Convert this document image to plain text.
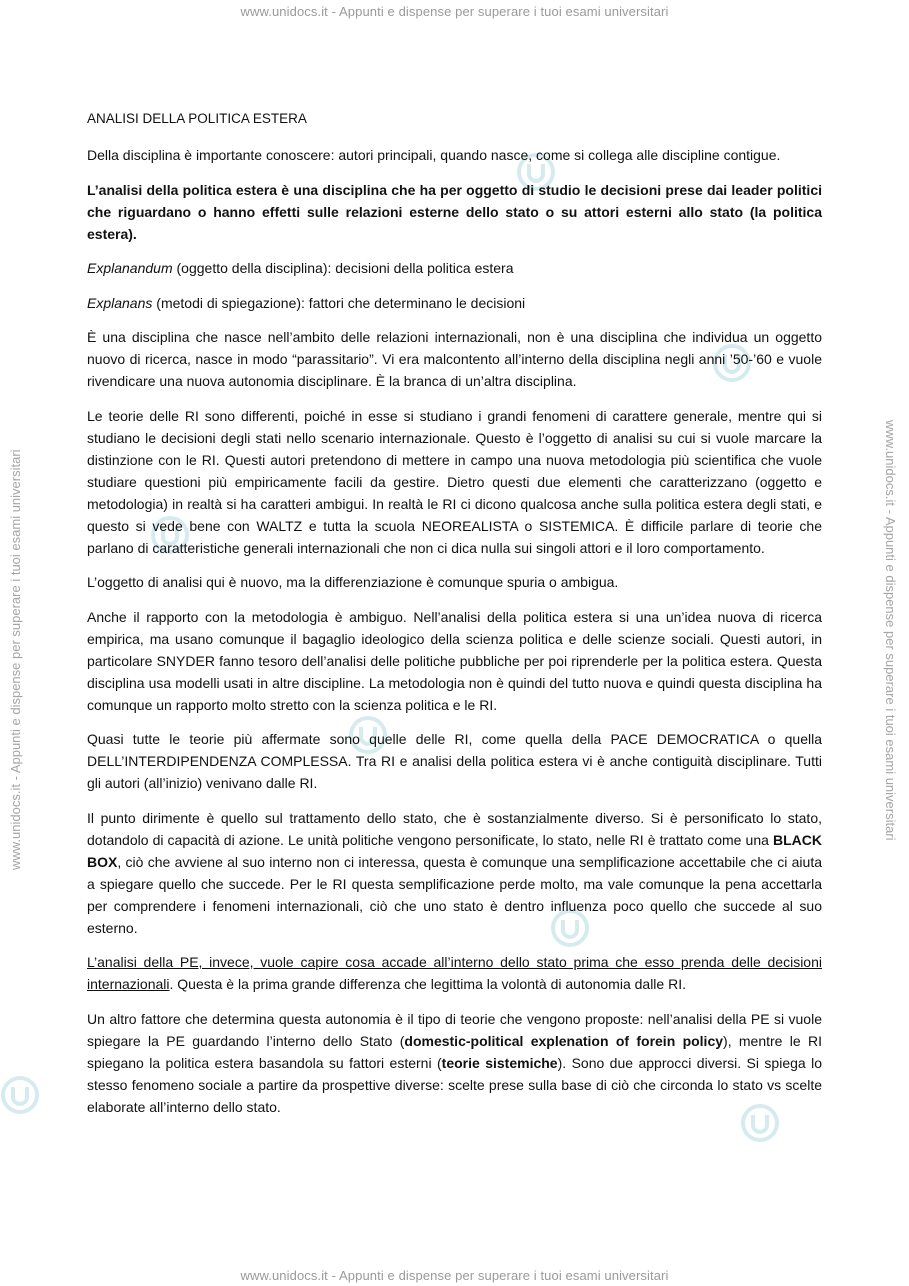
www.unidocs.it - Appunti e dispense per superare i tuoi esami universitari
www.unidocs.it - Appunti e dispense per superare i tuoi esami universitari
www.unidocs.it - Appunti e dispense per superare i tuoi esami universitari	www.unidocs.it - Appunti e dispense per superare i tuoi esami universitari

ANALISI DELLA POLITICA ESTERA

Della disciplina è importante conoscere: autori principali, quando nasce, come si collega alle discipline contigue.

L’analisi della politica estera è una disciplina che ha per oggetto di studio le decisioni prese dai leader politici che riguardano o hanno effetti sulle relazioni esterne dello stato o su attori esterni allo stato (la politica estera).

Explanandum (oggetto della disciplina): decisioni della politica estera

Explanans (metodi di spiegazione): fattori che determinano le decisioni

È una disciplina che nasce nell’ambito delle relazioni internazionali, non è una disciplina che individua un oggetto nuovo di ricerca, nasce in modo “parassitario”. Vi era malcontento all’interno della disciplina negli anni ’50-’60 e vuole rivendicare una nuova autonomia disciplinare. È la branca di un’altra disciplina.

Le teorie delle RI sono differenti, poiché in esse si studiano i grandi fenomeni di carattere generale, mentre qui si studiano le decisioni degli stati nello scenario internazionale. Questo è l’oggetto di analisi su cui si vuole marcare la distinzione con le RI. Questi autori pretendono di mettere in campo una nuova metodologia più scientifica che vuole studiare questioni più empiricamente facili da gestire. Dietro questi due elementi che caratterizzano (oggetto e metodologia) in realtà si ha caratteri ambigui. In realtà le RI ci dicono qualcosa anche sulla politica estera degli stati, e questo si vede bene con WALTZ e tutta la scuola NEOREALISTA o SISTEMICA. È difficile parlare di teorie che parlano di caratteristiche generali internazionali che non ci dica nulla sui singoli attori e il loro comportamento.

L’oggetto di analisi qui è nuovo, ma la differenziazione è comunque spuria o ambigua.

Anche il rapporto con la metodologia è ambiguo. Nell’analisi della politica estera si una un’idea nuova di ricerca empirica, ma usano comunque il bagaglio ideologico della scienza politica e delle scienze sociali. Questi autori, in particolare SNYDER fanno tesoro dell’analisi delle politiche pubbliche per poi riprenderle per la politica estera. Questa disciplina usa modelli usati in altre discipline. La metodologia non è quindi del tutto nuova e quindi questa disciplina ha comunque un rapporto molto stretto con la scienza politica e le RI.

Quasi tutte le teorie più affermate sono quelle delle RI, come quella della PACE DEMOCRATICA o quella DELL’INTERDIPENDENZA COMPLESSA. Tra RI e analisi della politica estera vi è anche contiguità disciplinare. Tutti gli autori (all’inizio) venivano dalle RI.

Il punto dirimente è quello sul trattamento dello stato, che è sostanzialmente diverso. Si è personificato lo stato, dotandolo di capacità di azione. Le unità politiche vengono personificate, lo stato, nelle RI è trattato come una BLACK BOX, ciò che avviene al suo interno non ci interessa, questa è comunque una semplificazione accettabile che ci aiuta a spiegare quello che succede. Per le RI questa semplificazione perde molto, ma vale comunque la pena accettarla per comprendere i fenomeni internazionali, ciò che uno stato è dentro influenza poco quello che succede al suo esterno.

L’analisi della PE, invece, vuole capire cosa accade all’interno dello stato prima che esso prenda delle decisioni internazionali. Questa è la prima grande differenza che legittima la volontà di autonomia dalle RI.

Un altro fattore che determina questa autonomia è il tipo di teorie che vengono proposte: nell’analisi della PE si vuole spiegare la PE guardando l’interno dello Stato (domestic-political explenation of forein policy), mentre le RI spiegano la politica estera basandola su fattori esterni (teorie sistemiche). Sono due approcci diversi. Si spiega lo stesso fenomeno sociale a partire da prospettive diverse: scelte prese sulla base di ciò che circonda lo stato vs scelte elaborate all’interno dello stato.
